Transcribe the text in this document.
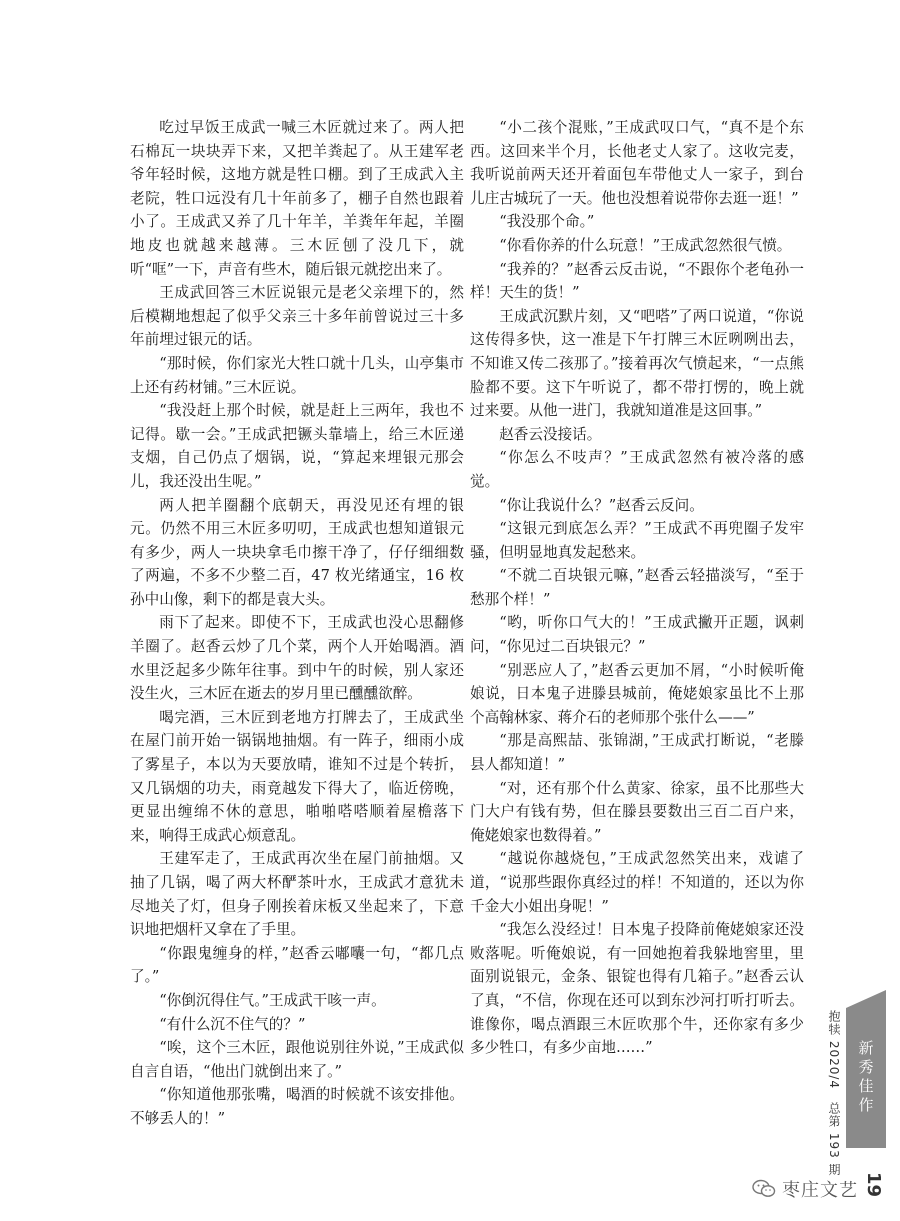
吃过早饭王成武一喊三木匠就过来了。两人把石棉瓦一块块弄下来，又把羊粪起了。从王建军老爷年轻时候，这地方就是牲口棚。到了王成武入主老院，牲口远没有几十年前多了，棚子自然也跟着小了。王成武又养了几十年羊，羊粪年年起，羊圈地皮也就越来越薄。三木匠刨了没几下，就听“哐”一下，声音有些木，随后银元就挖出来了。

王成武回答三木匠说银元是老父亲埋下的，然后模糊地想起了似乎父亲三十多年前曾说过三十多年前埋过银元的话。

“那时候，你们家光大牲口就十几头，山亭集市上还有药材铺。”三木匠说。

“我没赶上那个时候，就是赶上三两年，我也不记得。歇一会。”王成武把镢头靠墙上，给三木匠递支烟，自己仍点了烟锅，说，“算起来埋银元那会儿，我还没出生呢。”

两人把羊圈翻个底朝天，再没见还有埋的银元。仍然不用三木匠多叨叨，王成武也想知道银元有多少，两人一块块拿毛巾擦干净了，仔仔细细数了两遍，不多不少整二百，47 枚光绪通宝，16 枚孙中山像，剩下的都是袁大头。

雨下了起来。即使不下，王成武也没心思翻修羊圈了。赵香云炒了几个菜，两个人开始喝酒。酒水里泛起多少陈年往事。到中午的时候，别人家还没生火，三木匠在逝去的岁月里已醺醺欲醉。

喝完酒，三木匠到老地方打牌去了，王成武坐在屋门前开始一锅锅地抽烟。有一阵子，细雨小成了雾星子，本以为天要放晴，谁知不过是个转折，又几锅烟的功夫，雨竟越发下得大了，临近傍晚，更显出缠绵不休的意思，啪啪嗒嗒顺着屋檐落下来，响得王成武心烦意乱。

王建军走了，王成武再次坐在屋门前抽烟。又抽了几锅，喝了两大杯酽茶叶水，王成武才意犹未尽地关了灯，但身子刚挨着床板又坐起来了，下意识地把烟杆又拿在了手里。

“你跟鬼缠身的样，”赵香云嘟囔一句，“都几点了。”

“你倒沉得住气。”王成武干咳一声。

“有什么沉不住气的？”

“唉，这个三木匠，跟他说别往外说，”王成武似自言自语，“他出门就倒出来了。”

“你知道他那张嘴，喝酒的时候就不该安排他。不够丢人的！”

“小二孩个混账，”王成武叹口气，“真不是个东西。这回来半个月，长他老丈人家了。这收完麦，我听说前两天还开着面包车带他丈人一家子，到台儿庄古城玩了一天。他也没想着说带你去逛一逛！”

“我没那个命。”

“你看你养的什么玩意！”王成武忽然很气愤。

“我养的？”赵香云反击说，“不跟你个老龟孙一样！天生的货！”

王成武沉默片刻，又“吧嗒”了两口说道，“你说这传得多快，这一准是下午打牌三木匠咧咧出去，不知谁又传二孩那了。”接着再次气愤起来，“一点熊脸都不要。这下午听说了，都不带打愣的，晚上就过来要。从他一进门，我就知道准是这回事。”

赵香云没接话。

“你怎么不吱声？”王成武忽然有被冷落的感觉。

“你让我说什么？”赵香云反问。

“这银元到底怎么弄？”王成武不再兜圈子发牢骚，但明显地真发起愁来。

“不就二百块银元嘛，”赵香云轻描淡写，“至于愁那个样！”

“哟，听你口气大的！”王成武撇开正题，讽刺问，“你见过二百块银元？”

“别恶应人了，”赵香云更加不屑，“小时候听俺娘说，日本鬼子进滕县城前，俺姥娘家虽比不上那个高翰林家、蒋介石的老师那个张什么——”

“那是高熙喆、张锦湖，”王成武打断说，“老滕县人都知道！”

“对，还有那个什么黄家、徐家，虽不比那些大门大户有钱有势，但在滕县要数出三百二百户来，俺姥娘家也数得着。”

“越说你越烧包，”王成武忽然笑出来，戏谑了道，“说那些跟你真经过的样！不知道的，还以为你千金大小姐出身呢！”

“我怎么没经过！日本鬼子投降前俺姥娘家还没败落呢。听俺娘说，有一回她抱着我躲地窖里，里面别说银元，金条、银锭也得有几箱子。”赵香云认了真，“不信，你现在还可以到东沙河打听打听去。谁像你，喝点酒跟三木匠吹那个牛，还你家有多少多少牲口，有多少亩地……”	抱犊 2020/4　总第 193 期 新秀佳作
19
枣庄文艺
